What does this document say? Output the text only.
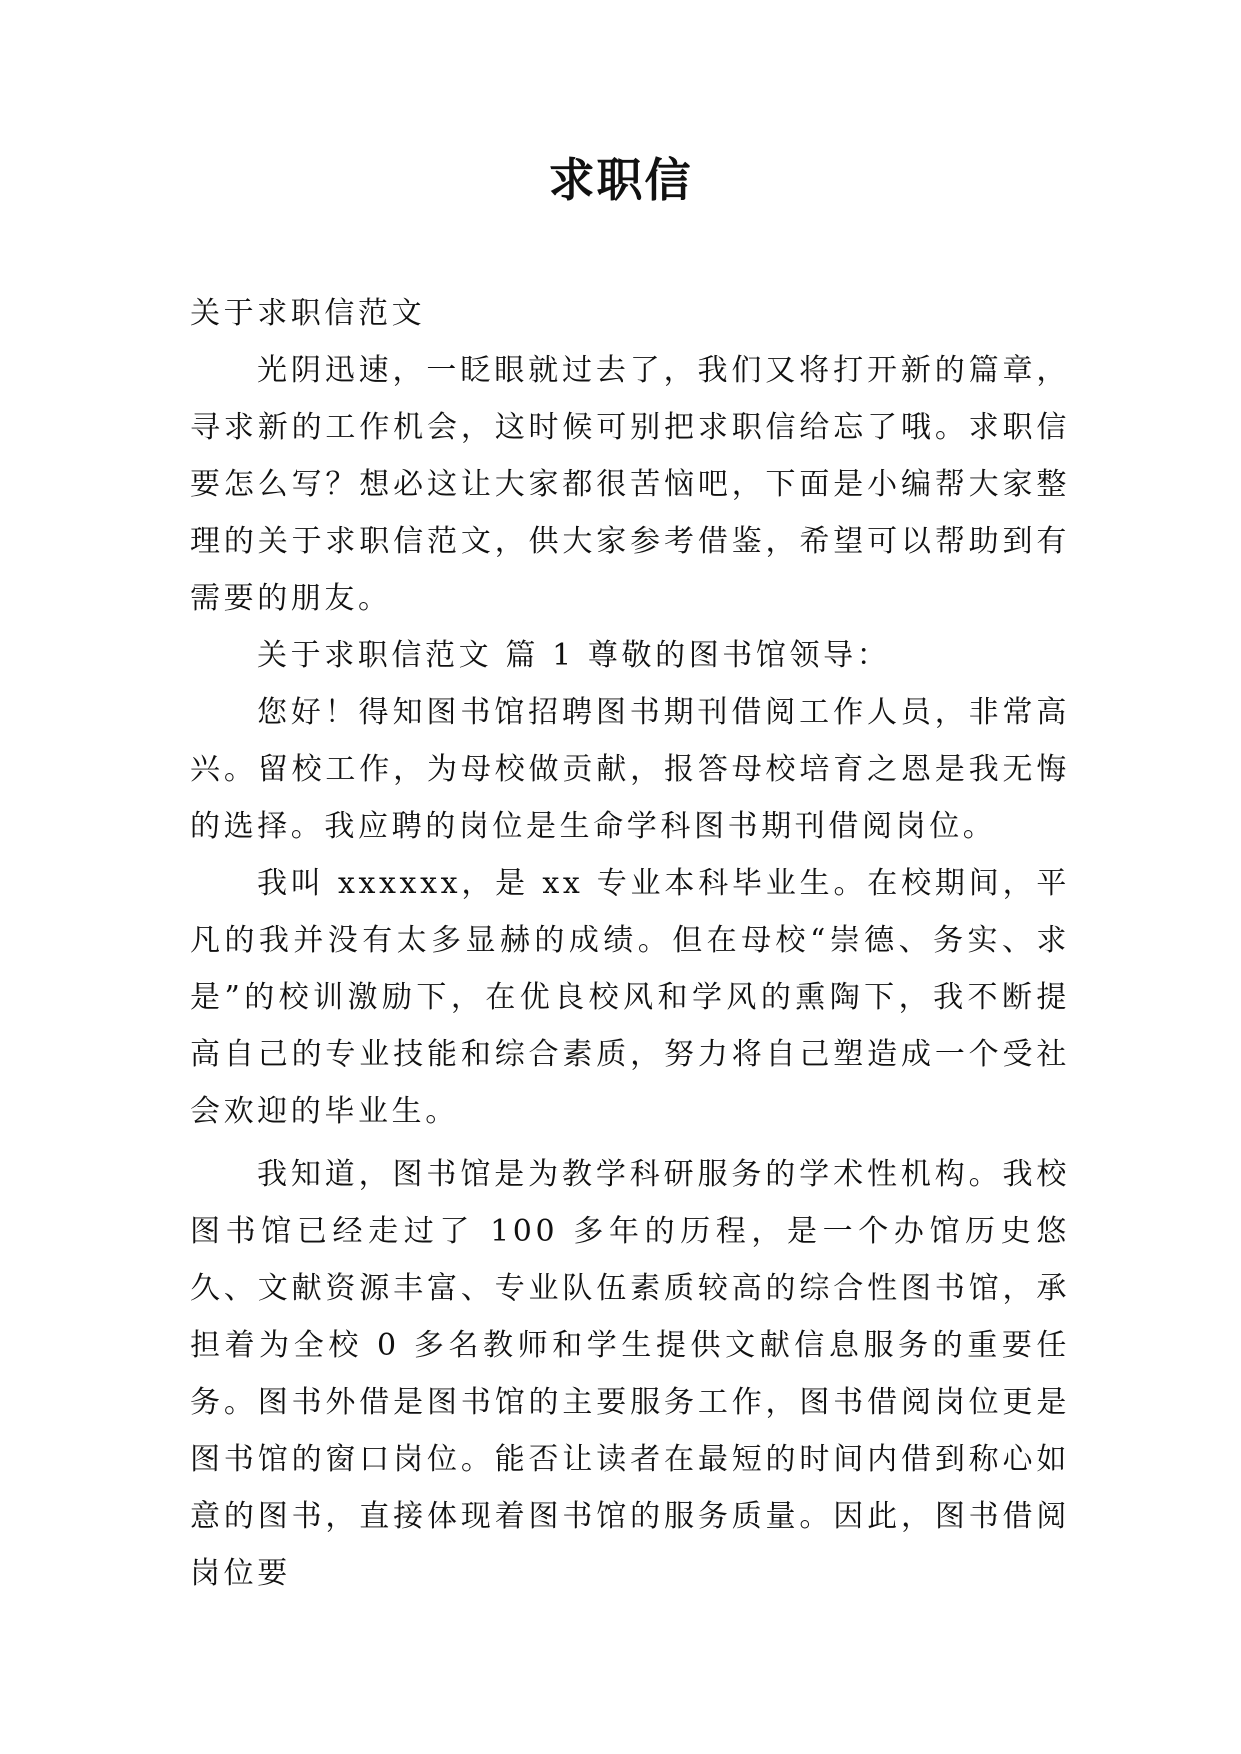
求职信

关于求职信范文

光阴迅速，一眨眼就过去了，我们又将打开新的篇章，寻求新的工作机会，这时候可别把求职信给忘了哦。求职信要怎么写？想必这让大家都很苦恼吧，下面是小编帮大家整理的关于求职信范文，供大家参考借鉴，希望可以帮助到有需要的朋友。

关于求职信范文 篇 1 尊敬的图书馆领导：

您好！得知图书馆招聘图书期刊借阅工作人员，非常高兴。留校工作，为母校做贡献，报答母校培育之恩是我无悔的选择。我应聘的岗位是生命学科图书期刊借阅岗位。

我叫 xxxxxx，是 xx 专业本科毕业生。在校期间，平凡的我并没有太多显赫的成绩。但在母校“崇德、务实、求是”的校训激励下，在优良校风和学风的熏陶下，我不断提高自己的专业技能和综合素质，努力将自己塑造成一个受社会欢迎的毕业生。

我知道，图书馆是为教学科研服务的学术性机构。我校图书馆已经走过了 100 多年的历程，是一个办馆历史悠久、文献资源丰富、专业队伍素质较高的综合性图书馆，承担着为全校 0 多名教师和学生提供文献信息服务的重要任务。图书外借是图书馆的主要服务工作，图书借阅岗位更是图书馆的窗口岗位。能否让读者在最短的时间内借到称心如意的图书，直接体现着图书馆的服务质量。因此，图书借阅岗位要
